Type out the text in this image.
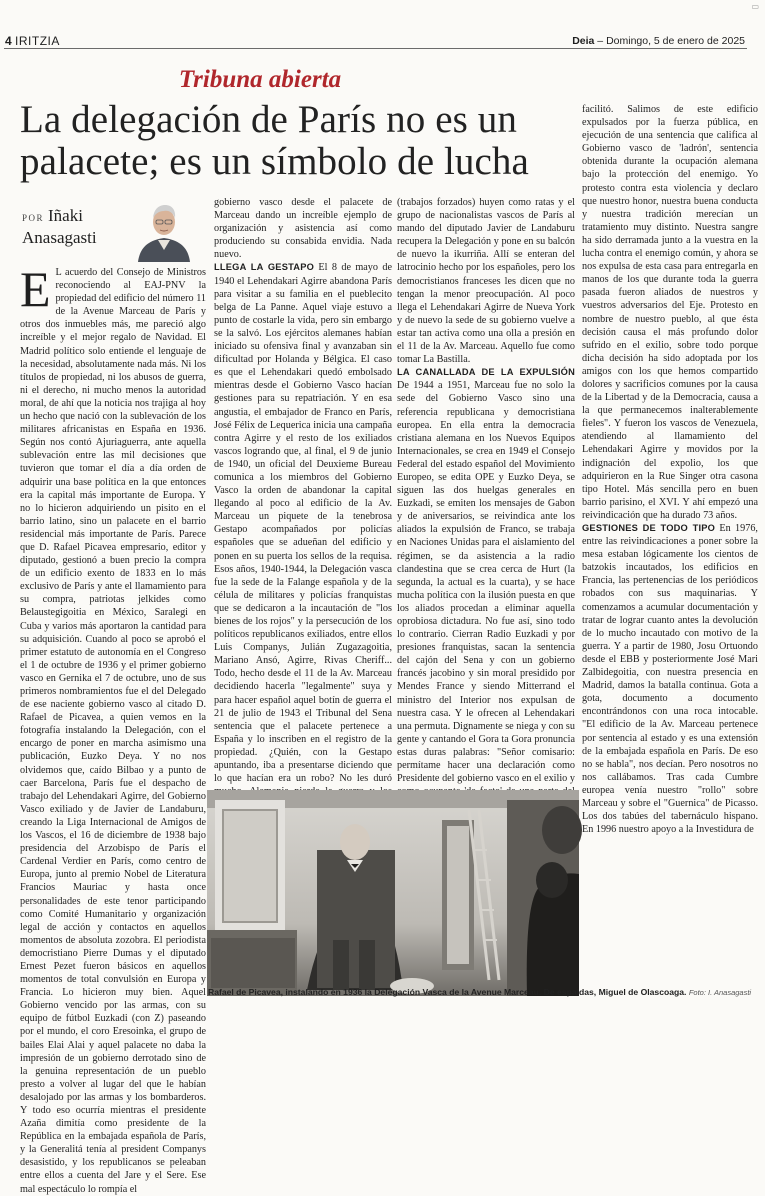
▭
4 IRITZIA	Deia – Domingo, 5 de enero de 2025
Tribuna abierta
La delegación de París no es un palacete; es un símbolo de lucha
POR Iñaki
Anasagasti

E L acuerdo del Consejo de Ministros reconociendo al EAJ-PNV la propiedad del edificio del número 11 de la Avenue Marceau de París y otros dos inmuebles más, me pareció algo increíble y el mejor regalo de Navidad. El Madrid político solo entiende el lenguaje de la necesidad, absolutamente nada más. Ni los títulos de propiedad, ni los abusos de guerra, ni el derecho, ni mucho menos la autoridad moral, de ahí que la noticia nos trajiga al hoy un hecho que nació con la sublevación de los militares africanistas en España en 1936. Según nos contó Ajuriaguerra, ante aquella sublevación entre las mil decisiones que tuvieron que tomar el día a día orden de adquirir una base política en la que entonces era la capital más importante de Europa. Y no lo hicieron adquiriendo un pisito en el barrio latino, sino un palacete en el barrio residencial más importante de París. Parece que D. Rafael Picavea empresario, editor y diputado, gestionó a buen precio la compra de un edificio exento de 1833 en lo más exclusivo de París y ante el llamamiento para su compra, patriotas jelkides como Belaustegigoitia en México, Saralegi en Cuba y varios más aportaron la cantidad para su adquisición. Cuando al poco se aprobó el primer estatuto de autonomía en el Congreso el 1 de octubre de 1936 y el primer gobierno vasco en Gernika el 7 de octubre, uno de sus primeros nombramientos fue el del Delegado de ese naciente gobierno vasco al citado D. Rafael de Picavea, a quien vemos en la fotografía instalando la Delegación, con el encargo de poner en marcha asimismo una publicación, Euzko Deya. Y no nos olvidemos que, caído Bilbao y a punto de caer Barcelona, París fue el despacho de trabajo del Lehendakari Agirre, del Gobierno Vasco exiliado y de Javier de Landaburu, creando la Liga Internacional de Amigos de los Vascos, el 16 de diciembre de 1938 bajo presidencia del Arzobispo de París el Cardenal Verdier en París, como centro de Europa, junto al premio Nobel de Literatura Francios Mauriac y hasta once personalidades de este tenor participando como Comité Humanitario y organización legal de acción y contactos en aquellos momentos de absoluta zozobra. El periodista democristiano Pierre Dumas y el diputado Ernest Pezet fueron básicos en aquellos momentos de total convulsión en Europa y Francia. Lo hicieron muy bien. Aquel Gobierno vencido por las armas, con su equipo de fútbol Euzkadi (con Z) paseando por el mundo, el coro Eresoinka, el grupo de bailes Elai Alai y aquel palacete no daba la impresión de un gobierno derrotado sino de la genuina representación de un pueblo presto a volver al lugar del que le habían desalojado por las armas y los bombarderos. Y todo eso ocurría mientras el presidente Azaña dimitía como presidente de la República en la embajada española de París, y la Generalitá tenía al president Companys desasistido, y los republicanos se peleaban entre ellos a cuenta del Jare y el Sere. Ese mal espectáculo lo rompía el

gobierno vasco desde el palacete de Marceau dando un increíble ejemplo de organización y asistencia así como produciendo su consabida envidia. Nada nuevo.

LLEGA LA GESTAPO El 8 de mayo de 1940 el Lehendakari Agirre abandona París para visitar a su familia en el pueblecito belga de La Panne. Aquel viaje estuvo a punto de costarle la vida, pero sin embargo se la salvó. Los ejércitos alemanes habían iniciado su ofensiva final y avanzaban sin dificultad por Holanda y Bélgica. El caso es que el Lehendakari quedó embolsado mientras desde el Gobierno Vasco hacían gestiones para su repatriación. Y en esa angustia, el embajador de Franco en París, José Félix de Lequerica inicia una campaña contra Agirre y el resto de los exiliados vascos logrando que, al final, el 9 de junio de 1940, un oficial del Deuxieme Bureau comunica a los miembros del Gobierno Vasco la orden de abandonar la capital llegando al poco al edificio de la Av. Marceau un piquete de la tenebrosa Gestapo acompañados por policías españoles que se adueñan del edificio y ponen en su puerta los sellos de la requisa. Esos años, 1940-1944, la Delegación vasca fue la sede de la Falange española y de la célula de militares y policías franquistas que se dedicaron a la incautación de "los bienes de los rojos" y la persecución de los políticos republicanos exiliados, entre ellos Luis Companys, Julián Zugazagoitia, Mariano Ansó, Agirre, Rivas Cheriff... Todo, hecho desde el 11 de la Av. Marceau decidiendo hacerla "legalmente" suya y para hacer español aquel botín de guerra el 21 de julio de 1943 el Tribunal del Sena sentencia que el palacete pertenece a España y lo inscriben en el registro de la propiedad. ¿Quién, con la Gestapo apuntando, iba a presentarse diciendo que lo que hacían era un robo? No les duró

(trabajos forzados) huyen como ratas y el grupo de nacionalistas vascos de París al mando del diputado Javier de Landaburu recupera la Delegación y pone en su balcón de nuevo la ikurriña. Allí se enteran del latrocinio hecho por los españoles, pero los democristianos franceses les dicen que no tengan la menor preocupación. Al poco llega el Lehendakari Agirre de Nueva York y de nuevo la sede de su gobierno vuelve a estar tan activa como una olla a presión en el 11 de la Av. Marceau. Aquello fue como tomar La Bastilla.

LA CANALLADA DE LA EXPULSIÓN De 1944 a 1951, Marceau fue no solo la sede del Gobierno Vasco sino una referencia republicana y democristiana europea. En ella entra la democracia cristiana alemana en los Nuevos Equipos Internacionales, se crea en 1949 el Consejo Federal del estado español del Movimiento Europeo, se edita OPE y Euzko Deya, se siguen las dos huelgas generales en Euzkadi, se emiten los mensajes de Gabon y de aniversarios, se reivindica ante los aliados la expulsión de Franco, se trabaja en Naciones Unidas para el aislamiento del régimen, se da asistencia a la radio clandestina que se crea cerca de Hurt (la segunda, la actual es la cuarta), y se hace mucha política con la ilusión puesta en que los aliados procedan a eliminar aquella oprobiosa dictadura. No fue así, sino todo lo contrario. Cierran Radio Euzkadi y por presiones franquistas, sacan la sentencia del cajón del Sena y con un gobierno francés jacobino y sin moral presidido por Mendes France y siendo Mitterrand el ministro del Interior nos expulsan de nuestra casa. Y le ofrecen al Lehendakari una permuta. Dignamente se niega y con su gente y cantando el Gora ta Gora pronuncia estas duras palabras: "Señor comisario: permítame hacer una declaración como Presidente del gobierno vasco en el exilio y

facilitó. Salimos de este edificio expulsados por la fuerza pública, en ejecución de una sentencia que califica al Gobierno vasco de 'ladrón', sentencia obtenida durante la ocupación alemana bajo la protección del enemigo. Yo protesto contra esta violencia y declaro que nuestro honor, nuestra buena conducta y nuestra tradición merecían un tratamiento muy distinto. Nuestra sangre ha sido derramada junto a la vuestra en la lucha contra el enemigo común, y ahora se nos expulsa de esta casa para entregarla en manos de los que durante toda la guerra pasada fueron aliados de nuestros y vuestros adversarios del Eje. Protesto en nombre de nuestro pueblo, al que ésta decisión causa el más profundo dolor sufrido en el exilio, sobre todo porque dicha decisión ha sido adoptada por los amigos con los que hemos compartido dolores y sacrificios comunes por la causa de la Libertad y de la Democracia, causa a la que permanecemos inalterablemente fieles". Y fueron los vascos de Venezuela, atendiendo al llamamiento del Lehendakari Agirre y movidos por la indignación del expolio, los que adquirieron en la Rue Singer otra casona tipo Hotel. Más sencilla pero en buen barrio parisino, el XVI. Y ahí empezó una reivindicación que ha durado 73 años.

GESTIONES DE TODO TIPO En 1976, entre las reivindicaciones a poner sobre la mesa estaban lógicamente los cientos de batzokis incautados, los edificios en Francia, las pertenencias de los periódicos robados con sus maquinarias. Y comenzamos a acumular documentación y tratar de lograr cuanto antes la devolución de lo mucho incautado con motivo de la guerra. Y a partir de 1980, Josu Ortuondo desde el EBB y posteriormente José Mari Zalbidegoitia, con nuestra presencia en Madrid, damos la batalla continua. Gota a gota, documento a documento encontrándonos con una roca intocable. "El edificio de la Av. Marceau pertenece por sentencia al estado y es una extensión de la embajada española en París. De eso no se habla", nos decían. Pero nosotros no nos callábamos. Tras cada Cumbre europea venía nuestro "rollo" sobre Marceau y sobre el "Guernica" de Picasso. Los dos tabúes del tabernáculo hispano. En 1996 nuestro apoyo a la Investidura de

Rafael de Picavea, instalando en 1936 la Delegación Vasca de la Avenue Marceau. De espaldas, Miguel de Olascoaga. Foto: I. Anasagasti
